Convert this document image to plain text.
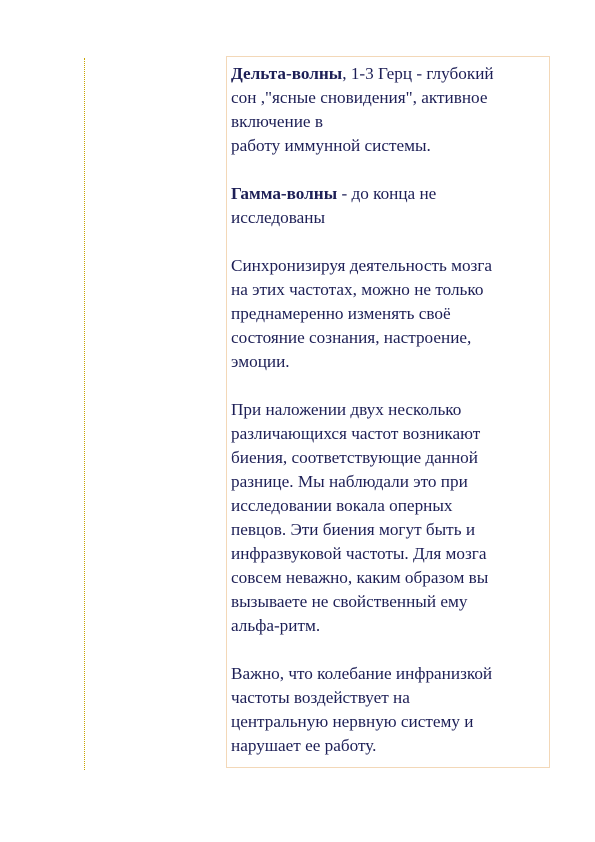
Дельта-волны, 1-3 Герц - глубокий
сон ,"ясные сновидения", активное
включение в
работу иммунной системы.

Гамма-волны - до конца не
исследованы

Синхронизируя деятельность мозга
на этих частотах, можно не только
преднамеренно изменять своё
состояние сознания, настроение,
эмоции.

При наложении двух несколько
различающихся частот возникают
биения, соответствующие данной
разнице. Мы наблюдали это при
исследовании вокала оперных
певцов. Эти биения могут быть и
инфразвуковой частоты. Для мозга
совсем неважно, каким образом вы
вызываете не свойственный ему
альфа-ритм.

Важно, что колебание инфранизкой
частоты воздействует на
центральную нервную систему и
нарушает ее работу.
